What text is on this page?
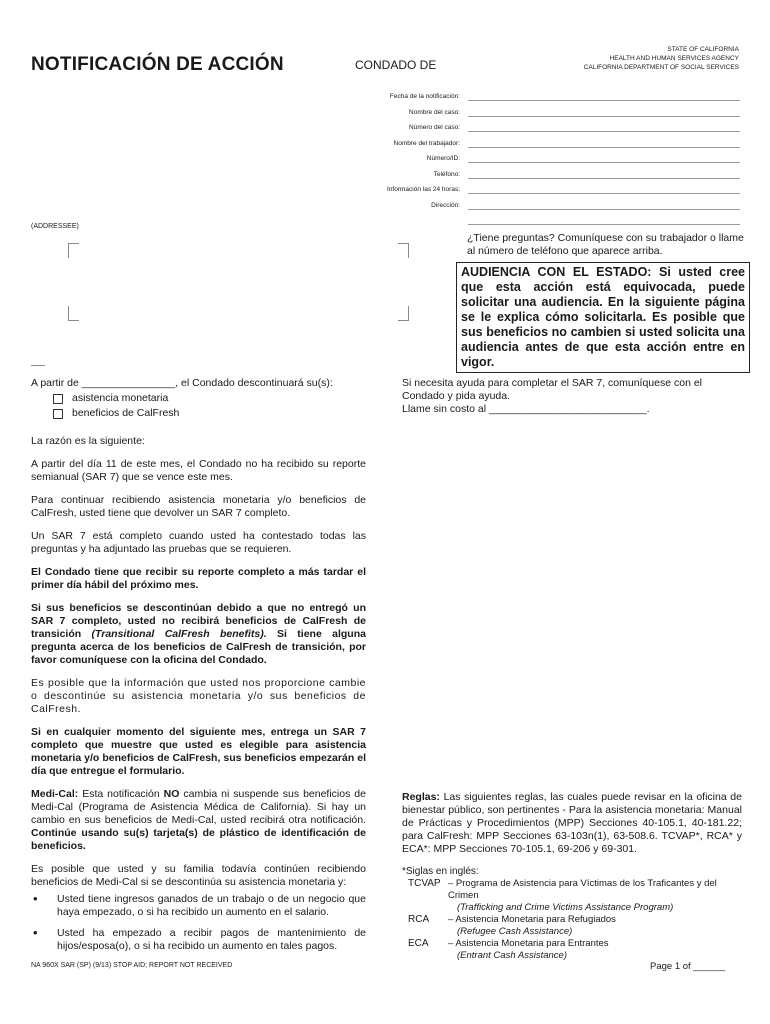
NOTIFICACIÓN DE ACCIÓN	CONDADO DE
STATE OF CALIFORNIA
HEALTH AND HUMAN SERVICES AGENCY
CALIFORNIA DEPARTMENT OF SOCIAL SERVICES
Fecha de la notificación:
Nombre del caso:
Número del caso:
Nombre del trabajador:
Número/ID:
Teléfono:
Información las 24 horas:
Dirección:
(ADDRESSEE)
¿Tiene preguntas? Comuníquese con su trabajador o llame al número de teléfono que aparece arriba.
AUDIENCIA CON EL ESTADO: Si usted cree que esta acción está equivocada, puede solicitar una audiencia. En la siguiente página se le explica cómo solicitarla. Es posible que sus beneficios no cambien si usted solicita una audiencia antes de que esta acción entre en vigor.
A partir de ________________, el Condado descontinuará su(s):
asistencia monetaria
beneficios de CalFresh

La razón es la siguiente:

A partir del día 11 de este mes, el Condado no ha recibido su reporte semianual (SAR 7) que se vence este mes.

Para continuar recibiendo asistencia monetaria y/o beneficios de CalFresh, usted tiene que devolver un SAR 7 completo.

Un SAR 7 está completo cuando usted ha contestado todas las preguntas y ha adjuntado las pruebas que se requieren.

El Condado tiene que recibir su reporte completo a más tardar el primer día hábil del próximo mes.

Si sus beneficios se descontinúan debido a que no entregó un SAR 7 completo, usted no recibirá beneficios de CalFresh de transición (Transitional CalFresh benefits). Si tiene alguna pregunta acerca de los beneficios de CalFresh de transición, por favor comuníquese con la oficina del Condado.

Es posible que la información que usted nos proporcione cambie o descontinúe su asistencia monetaria y/o sus beneficios de CalFresh.

Si en cualquier momento del siguiente mes, entrega un SAR 7 completo que muestre que usted es elegible para asistencia monetaria y/o beneficios de CalFresh, sus beneficios empezarán el día que entregue el formulario.

Medi-Cal: Esta notificación NO cambia ni suspende sus beneficios de Medi-Cal (Programa de Asistencia Médica de California). Si hay un cambio en sus beneficios de Medi-Cal, usted recibirá otra notificación. Continúe usando su(s) tarjeta(s) de plástico de identificación de beneficios.

Es posible que usted y su familia todavía continúen recibiendo beneficios de Medi-Cal si se descontinúa su asistencia monetaria y:

• Usted tiene ingresos ganados de un trabajo o de un negocio que haya empezado, o si ha recibido un aumento en el salario.
• Usted ha empezado a recibir pagos de mantenimiento de hijos/esposa(o), o si ha recibido un aumento en tales pagos.
Si necesita ayuda para completar el SAR 7, comuníquese con el Condado y pida ayuda.
Llame sin costo al ___________________________.
Reglas: Las siguientes reglas, las cuales puede revisar en la oficina de bienestar público, son pertinentes - Para la asistencia monetaria: Manual de Prácticas y Procedimientos (MPP) Secciones 40-105.1, 40-181.22; para CalFresh: MPP Secciones 63-103n(1), 63-508.6. TCVAP*, RCA* y ECA*: MPP Secciones 70-105.1, 69-206 y 69-301.
*Siglas en inglés:
TCVAP – Programa de Asistencia para Víctimas de los Traficantes y del Crimen
(Trafficking and Crime Victims Assistance Program)
RCA	– Asistencia Monetaria para Refugiados
(Refugee Cash Assistance)
ECA	– Asistencia Monetaria para Entrantes
(Entrant Cash Assistance)
NA 960X SAR (SP) (9/13) STOP AID; REPORT NOT RECEIVED	Page 1 of ______
